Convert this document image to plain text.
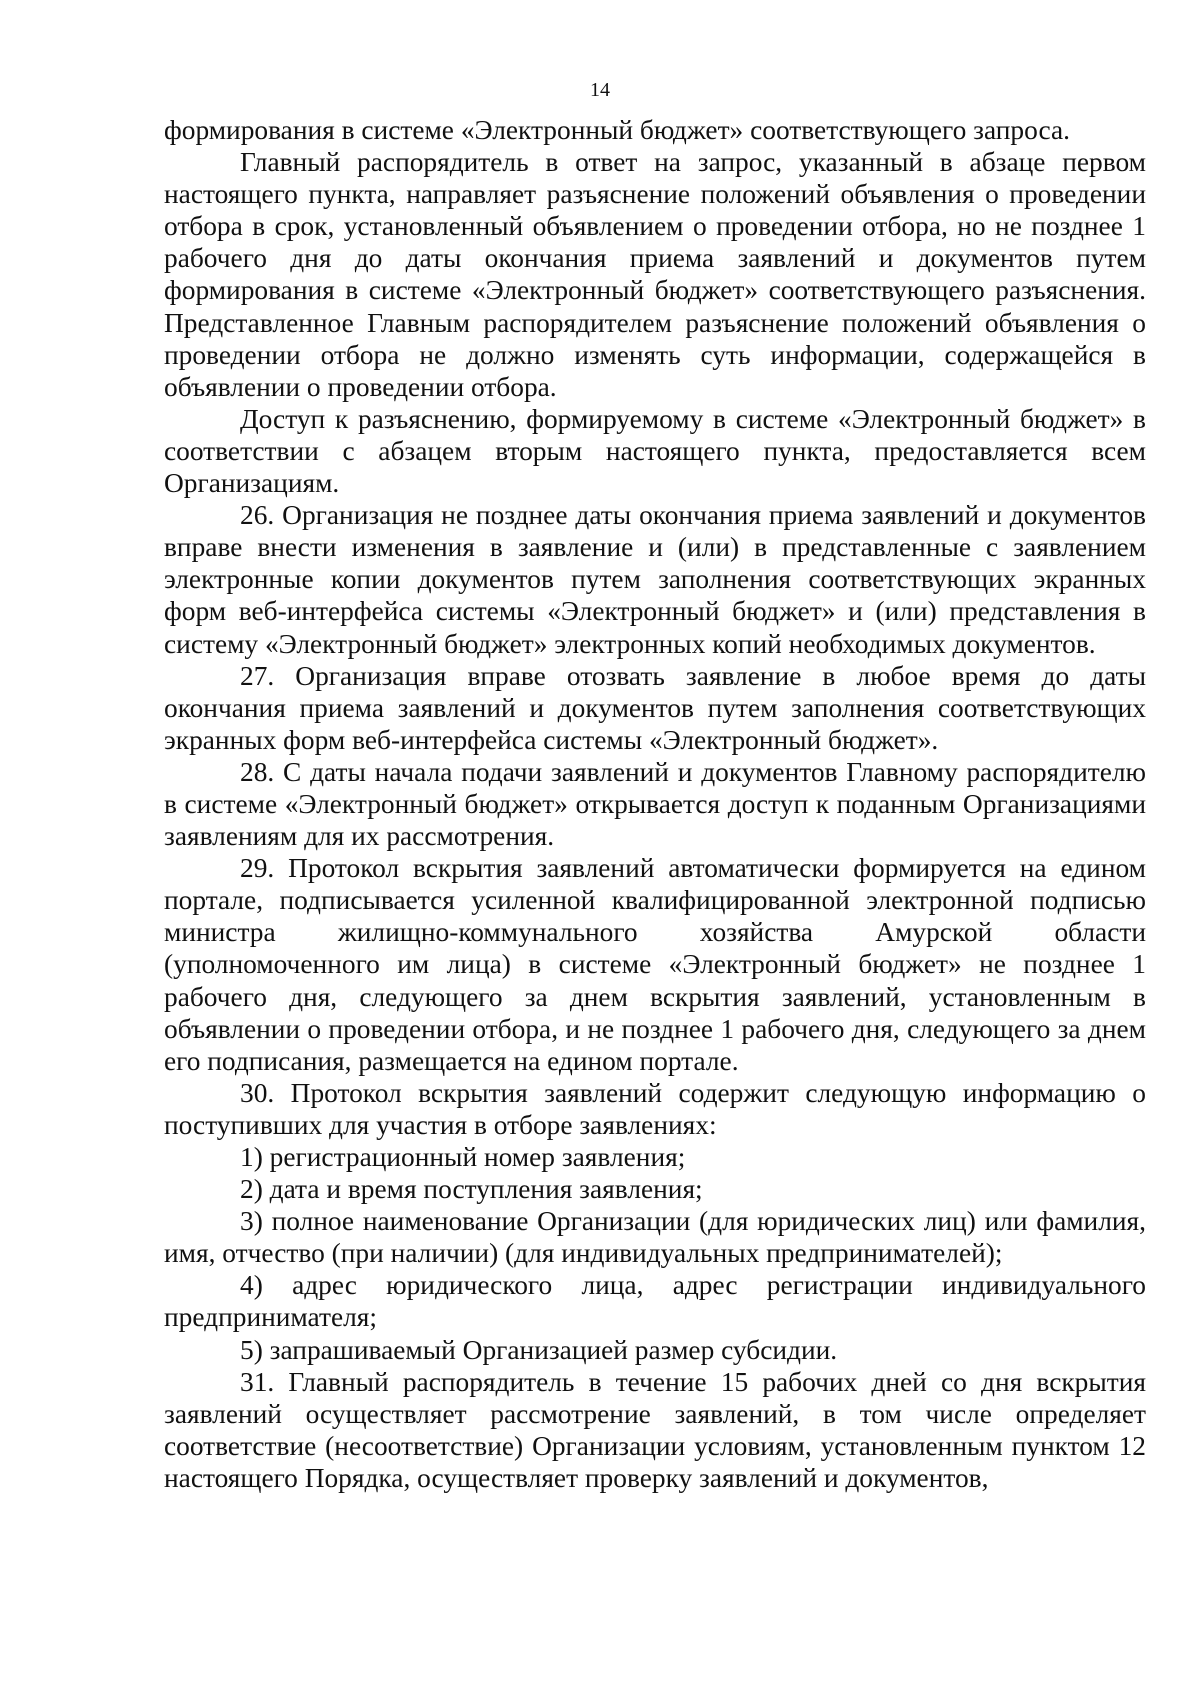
14

формирования в системе «Электронный бюджет» соответствующего запроса.

Главный распорядитель в ответ на запрос, указанный в абзаце первом настоящего пункта, направляет разъяснение положений объявления о проведении отбора в срок, установленный объявлением о проведении отбора, но не позднее 1 рабочего дня до даты окончания приема заявлений и документов путем формирования в системе «Электронный бюджет» соответствующего разъяснения. Представленное Главным распорядителем разъяснение положений объявления о проведении отбора не должно изменять суть информации, содержащейся в объявлении о проведении отбора.

Доступ к разъяснению, формируемому в системе «Электронный бюджет» в соответствии с абзацем вторым настоящего пункта, предоставляется всем Организациям.

26. Организация не позднее даты окончания приема заявлений и документов вправе внести изменения в заявление и (или) в представленные с заявлением электронные копии документов путем заполнения соответствующих экранных форм веб-интерфейса системы «Электронный бюджет» и (или) представления в систему «Электронный бюджет» электронных копий необходимых документов.

27. Организация вправе отозвать заявление в любое время до даты окончания приема заявлений и документов путем заполнения соответствующих экранных форм веб-интерфейса системы «Электронный бюджет».

28. С даты начала подачи заявлений и документов Главному распорядителю в системе «Электронный бюджет» открывается доступ к поданным Организациями заявлениям для их рассмотрения.

29. Протокол вскрытия заявлений автоматически формируется на едином портале, подписывается усиленной квалифицированной электронной подписью министра жилищно-коммунального хозяйства Амурской области (уполномоченного им лица) в системе «Электронный бюджет» не позднее 1 рабочего дня, следующего за днем вскрытия заявлений, установленным в объявлении о проведении отбора, и не позднее 1 рабочего дня, следующего за днем его подписания, размещается на едином портале.

30. Протокол вскрытия заявлений содержит следующую информацию о поступивших для участия в отборе заявлениях:

1) регистрационный номер заявления;

2) дата и время поступления заявления;

3) полное наименование Организации (для юридических лиц) или фамилия, имя, отчество (при наличии) (для индивидуальных предпринимателей);

4) адрес юридического лица, адрес регистрации индивидуального предпринимателя;

5) запрашиваемый Организацией размер субсидии.

31. Главный распорядитель в течение 15 рабочих дней со дня вскрытия заявлений осуществляет рассмотрение заявлений, в том числе определяет соответствие (несоответствие) Организации условиям, установленным пунктом 12 настоящего Порядка, осуществляет проверку заявлений и документов,
